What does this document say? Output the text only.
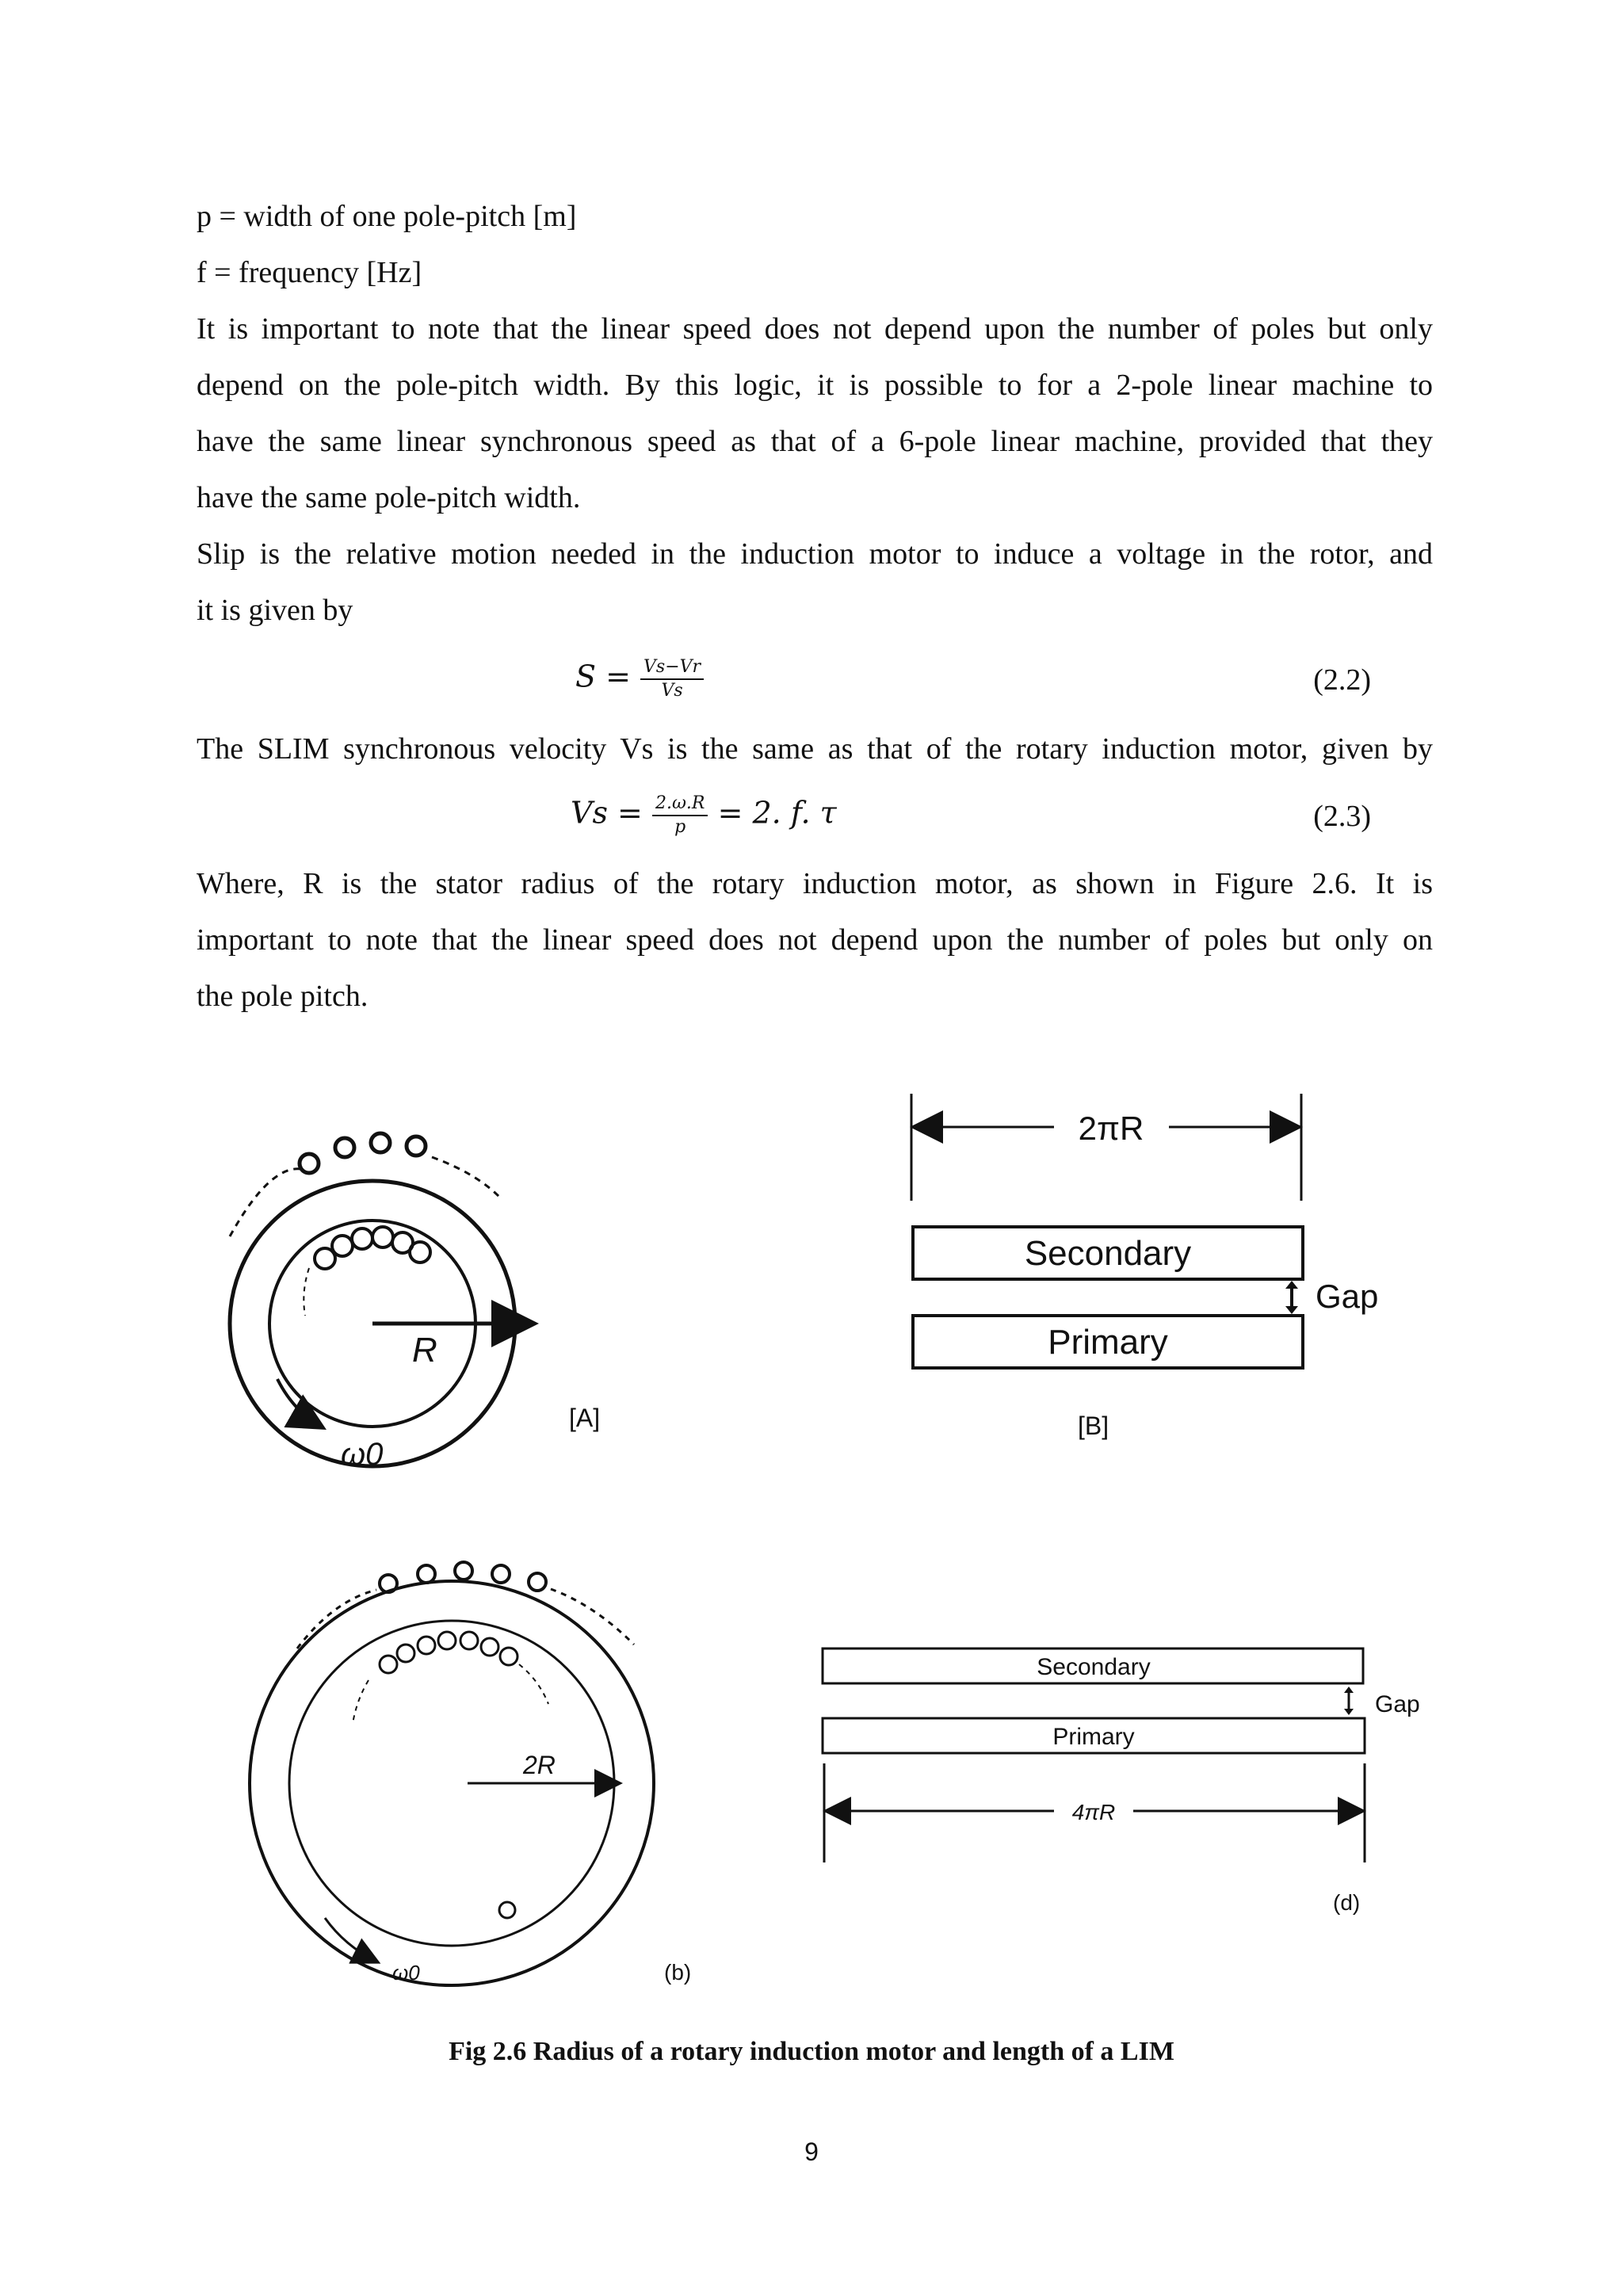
p = width of one pole-pitch [m]
f = frequency [Hz]
It is important to note that the linear speed does not depend upon the number of poles but only
depend on the pole-pitch width. By this logic, it is possible to for a 2-pole linear machine to
have the same linear synchronous speed as that of a 6-pole linear machine, provided that they
have the same pole-pitch width.
Slip is the relative motion needed in the induction motor to induce a voltage in the rotor, and
it is given by
$S = \frac{Vs-Vr}{Vs}$	(2.2)
The SLIM synchronous velocity Vs is the same as that of the rotary induction motor, given by
$Vs = \frac{2.\omega.R}{p} = 2$. f. τ	(2.3)
Where, R is the stator radius of the rotary induction motor, as shown in Figure 2.6. It is
important to note that the linear speed does not depend upon the number of poles but only on
the pole pitch.
R
ω0
[A]
2πR
Secondary
Primary
Gap
[B]
2R
ω0	(b)
Secondary
Primary
Gap
4πR
(d)
Fig 2.6 Radius of a rotary induction motor and length of a LIM
9
